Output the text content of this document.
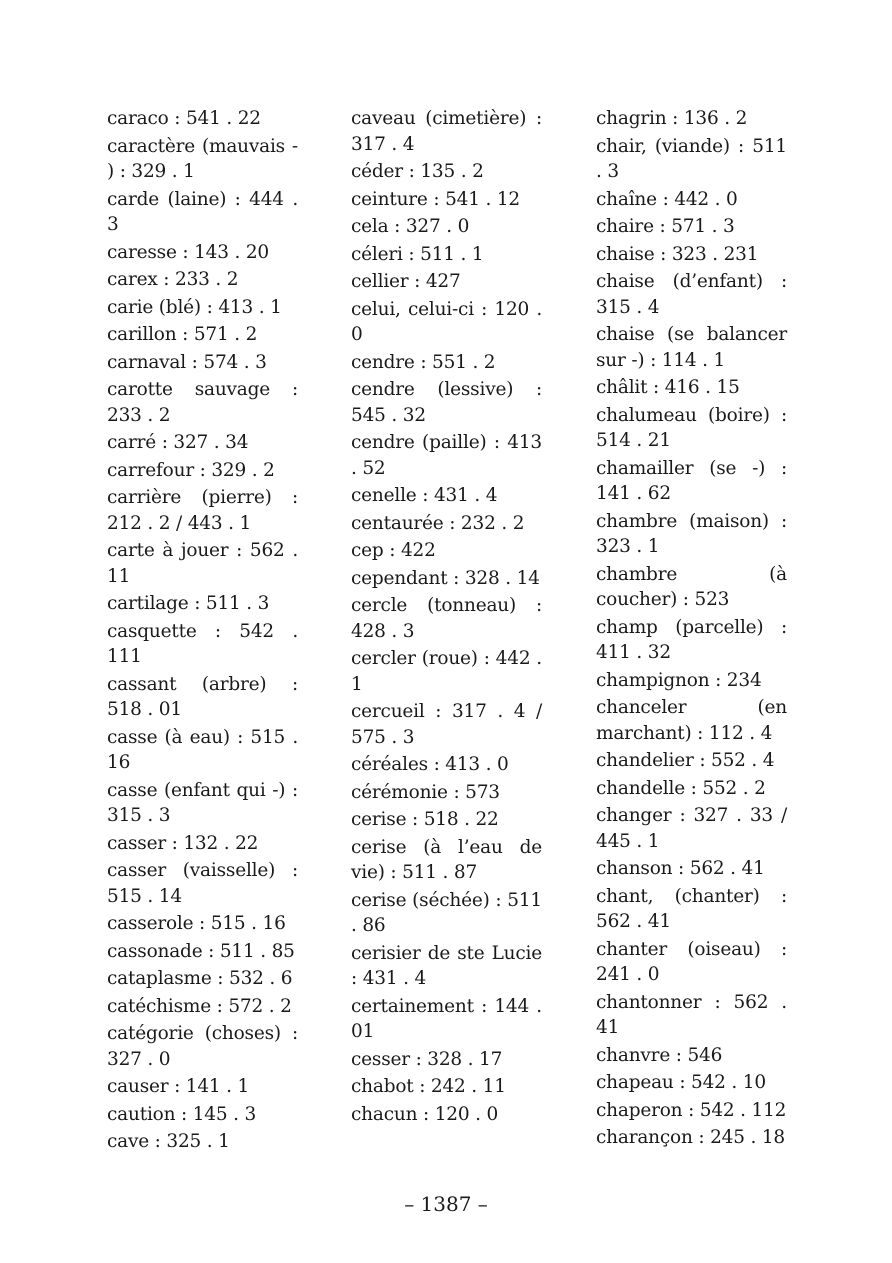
caraco : 541 . 22
caractère (mauvais - ) : 329 . 1
carde (laine) : 444 . 3
caresse : 143 . 20
carex : 233 . 2
carie (blé) : 413 . 1
carillon : 571 . 2
carnaval : 574 . 3
carotte sauvage : 233 . 2
carré : 327 . 34
carrefour : 329 . 2
carrière (pierre) : 212 . 2 / 443 . 1
carte à jouer : 562 . 11
cartilage : 511 . 3
casquette : 542 . 111
cassant (arbre) : 518 . 01
casse (à eau) : 515 . 16
casse (enfant qui -) : 315 . 3
casser : 132 . 22
casser (vaisselle) : 515 . 14
casserole : 515 . 16
cassonade : 511 . 85
cataplasme : 532 . 6
catéchisme : 572 . 2
catégorie (choses) : 327 . 0
causer : 141 . 1
caution : 145 . 3
cave : 325 . 1
caveau (cimetière) : 317 . 4
céder : 135 . 2
ceinture : 541 . 12
cela : 327 . 0
céleri : 511 . 1
cellier : 427
celui, celui-ci : 120 . 0
cendre : 551 . 2
cendre (lessive) : 545 . 32
cendre (paille) : 413 . 52
cenelle : 431 . 4
centaurée : 232 . 2
cep : 422
cependant : 328 . 14
cercle (tonneau) : 428 . 3
cercler (roue) : 442 . 1
cercueil : 317 . 4 / 575 . 3
céréales : 413 . 0
cérémonie : 573
cerise : 518 . 22
cerise (à l’eau de vie) : 511 . 87
cerise (séchée) : 511 . 86
cerisier de ste Lucie : 431 . 4
certainement : 144 . 01
cesser : 328 . 17
chabot : 242 . 11
chacun : 120 . 0
chagrin : 136 . 2
chair, (viande) : 511 . 3
chaîne : 442 . 0
chaire : 571 . 3
chaise : 323 . 231
chaise (d’enfant) : 315 . 4
chaise (se balancer sur -) : 114 . 1
châlit : 416 . 15
chalumeau (boire) : 514 . 21
chamailler (se -) : 141 . 62
chambre (maison) : 323 . 1
chambre (à coucher) : 523
champ (parcelle) : 411 . 32
champignon : 234
chanceler (en marchant) : 112 . 4
chandelier : 552 . 4
chandelle : 552 . 2
changer : 327 . 33 / 445 . 1
chanson : 562 . 41
chant, (chanter) : 562 . 41
chanter (oiseau) : 241 . 0
chantonner : 562 . 41
chanvre : 546
chapeau : 542 . 10
chaperon : 542 . 112
charançon : 245 . 18
– 1387 –
